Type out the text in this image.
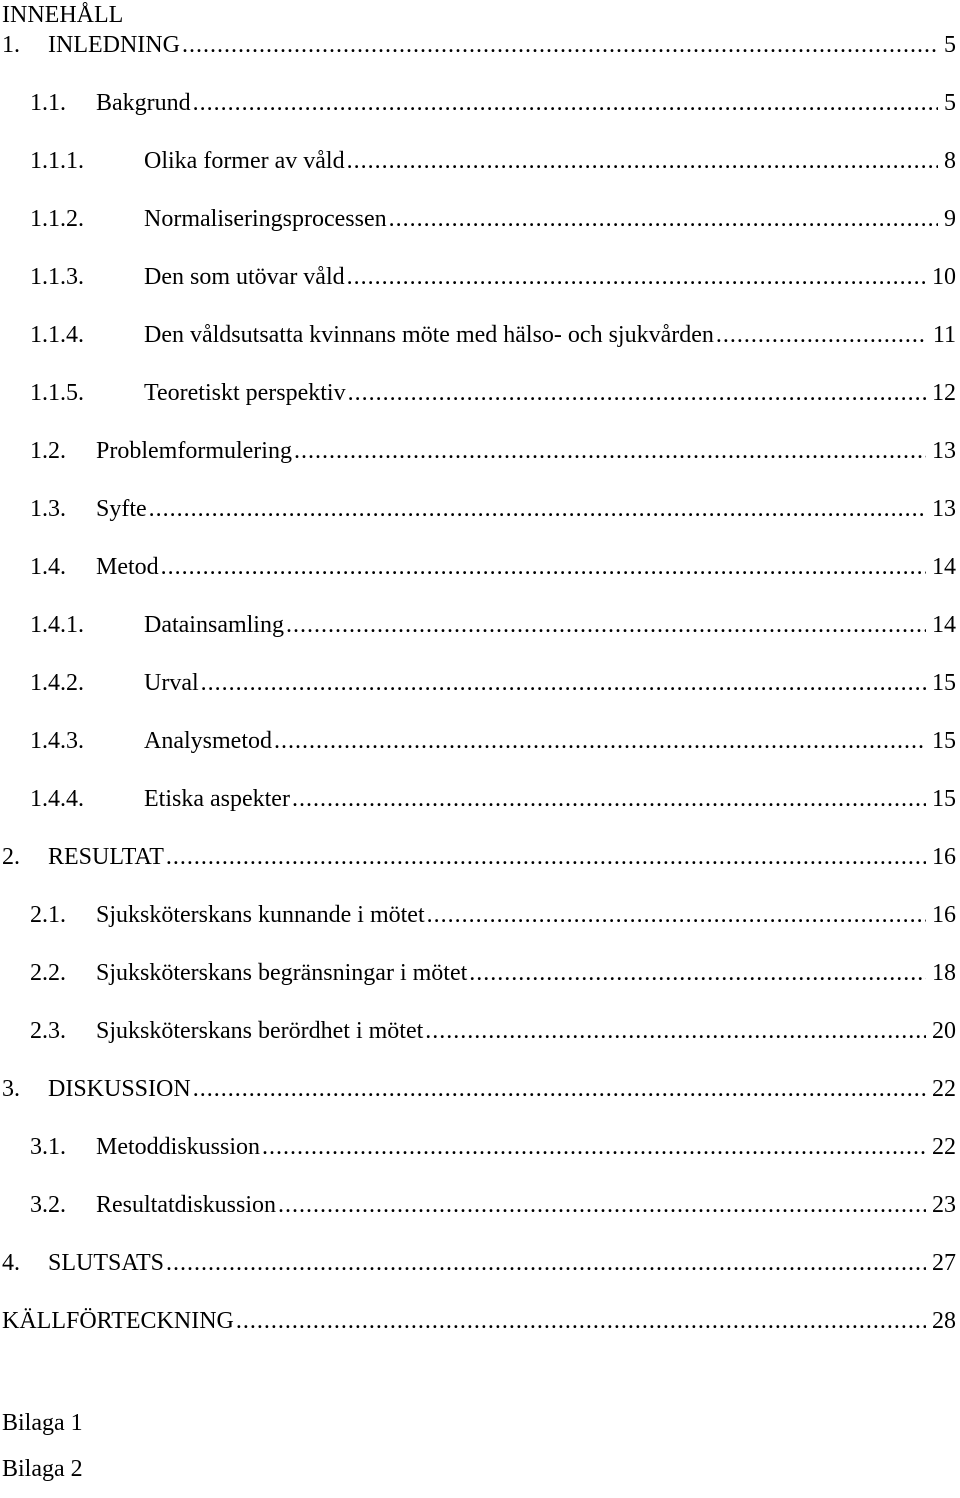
INNEHÅLL
1.	INLEDNING .....	5
1.1.	Bakgrund .....	5
1.1.1.	Olika former av våld .....	8
1.1.2.	Normaliseringsprocessen .....	9
1.1.3.	Den som utövar våld .....	10
1.1.4.	Den våldsutsatta kvinnans möte med hälso- och sjukvården .....	11
1.1.5.	Teoretiskt perspektiv .....	12
1.2.	Problemformulering .....	13
1.3.	Syfte .....	13
1.4.	Metod .....	14
1.4.1.	Datainsamling .....	14
1.4.2.	Urval .....	15
1.4.3.	Analysmetod .....	15
1.4.4.	Etiska aspekter .....	15
2.	RESULTAT .....	16
2.1.	Sjuksköterskans kunnande i mötet .....	16
2.2.	Sjuksköterskans begränsningar i mötet .....	18
2.3.	Sjuksköterskans berördhet i mötet .....	20
3.	DISKUSSION .....	22
3.1.	Metoddiskussion .....	22
3.2.	Resultatdiskussion .....	23
4.	SLUTSATS .....	27
KÄLLFÖRTECKNING .....	28
Bilaga 1
Bilaga 2
